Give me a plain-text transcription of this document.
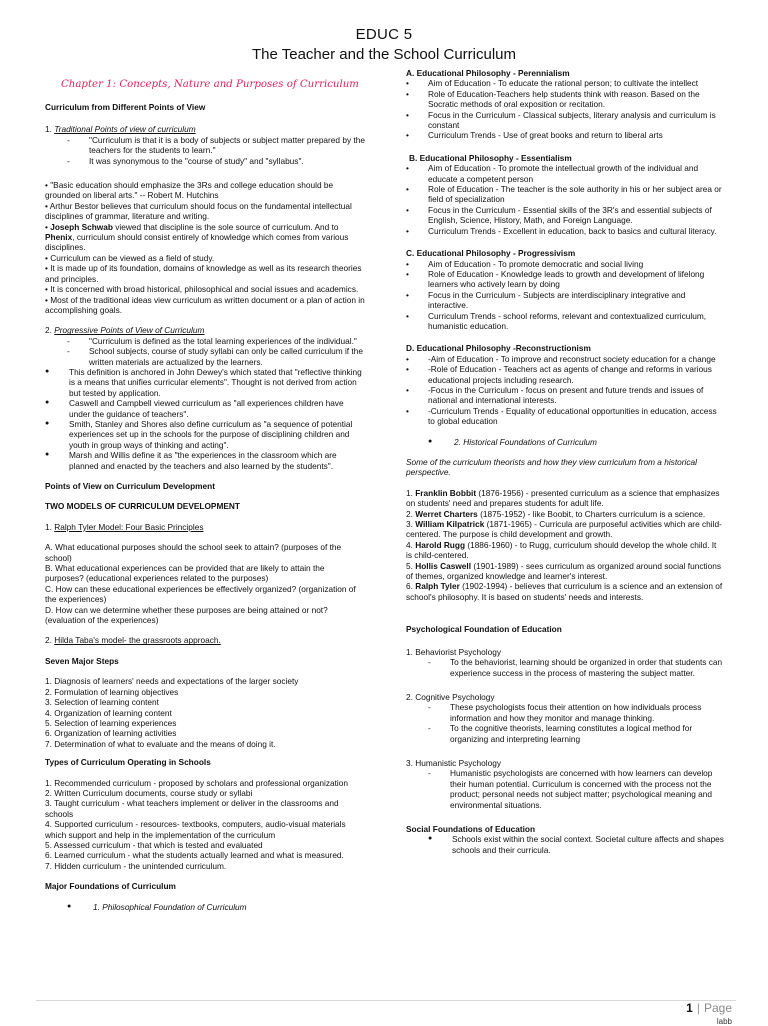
EDUC 5
The Teacher and the School Curriculum
Chapter 1: Concepts, Nature and Purposes of Curriculum

Curriculum from Different Points of View

1. Traditional Points of view of curriculum

- "Curriculum is that it is a body of subjects or subject matter prepared by the teachers for the students to learn."
- It was synonymous to the "course of study" and "syllabus".

• "Basic education should emphasize the 3Rs and college education should be grounded on liberal arts." -- Robert M. Hutchins

• Arthur Bestor believes that curriculum should focus on the fundamental intellectual disciplines of grammar, literature and writing.

• Joseph Schwab viewed that discipline is the sole source of curriculum. And to Phenix, curriculum should consist entirely of knowledge which comes from various disciplines.

• Curriculum can be viewed as a field of study.

• It is made up of its foundation, domains of knowledge as well as its research theories and principles.

• It is concerned with broad historical, philosophical and social issues and academics.

• Most of the traditional ideas view curriculum as written document or a plan of action in accomplishing goals.

2. Progressive Points of View of Curriculum

- "Curriculum is defined as the total learning experiences of the individual."
- School subjects, course of study syllabi can only be called curriculum if the written materials are actualized by the learners.
● This definition is anchored in John Dewey's which stated that "reflective thinking is a means that unifies curricular elements". Thought is not derived from action but tested by application.
● Caswell and Campbell viewed curriculum as "all experiences children have under the guidance of teachers".
● Smith, Stanley and Shores also define curriculum as "a sequence of potential experiences set up in the schools for the purpose of disciplining children and youth in group ways of thinking and acting".
● Marsh and Willis define it as "the experiences in the classroom which are planned and enacted by the teachers and also learned by the students".

Points of View on Curriculum Development

TWO MODELS OF CURRICULUM DEVELOPMENT

1. Ralph Tyler Model: Four Basic Principles

A. What educational purposes should the school seek to attain? (purposes of the school)

B. What educational experiences can be provided that are likely to attain the purposes? (educational experiences related to the purposes)

C. How can these educational experiences be effectively organized? (organization of the experiences)

D. How can we determine whether these purposes are being attained or not? (evaluation of the experiences)

2. Hilda Taba's model- the grassroots approach.

Seven Major Steps

1. Diagnosis of learners' needs and expectations of the larger society

2. Formulation of learning objectives

3. Selection of learning content

4. Organization of learning content

5. Selection of learning experiences

6. Organization of learning activities

7. Determination of what to evaluate and the means of doing it.

Types of Curriculum Operating in Schools

1. Recommended curriculum - proposed by scholars and professional organization

2. Written Curriculum documents, course study or syllabi

3. Taught curriculum - what teachers implement or deliver in the classrooms and schools

4. Supported curriculum - resources- textbooks, computers, audio-visual materials which support and help in the implementation of the curriculum

5. Assessed curriculum - that which is tested and evaluated

6. Learned curriculum - what the students actually learned and what is measured.

7. Hidden curriculum - the unintended curriculum.

Major Foundations of Curriculum

●	1. Philosophical Foundation of Curriculum

A. Educational Philosophy - Perennialism

• Aim of Education - To educate the rational person; to cultivate the intellect
• Role of Education-Teachers help students think with reason. Based on the Socratic methods of oral exposition or recitation.
• Focus in the Curriculum - Classical subjects, literary analysis and curriculum is constant
• Curriculum Trends - Use of great books and return to liberal arts

B. Educational Philosophy - Essentialism

• Aim of Education - To promote the intellectual growth of the individual and educate a competent person
• Role of Education - The teacher is the sole authority in his or her subject area or field of specialization
• Focus in the Curriculum - Essential skills of the 3R's and essential subjects of English, Science, History, Math, and Foreign Language.
• Curriculum Trends - Excellent in education, back to basics and cultural literacy.

C. Educational Philosophy - Progressivism

• Aim of Education - To promote democratic and social living
• Role of Education - Knowledge leads to growth and development of lifelong learners who actively learn by doing
• Focus in the Curriculum - Subjects are interdisciplinary integrative and interactive.
• Curriculum Trends - school reforms, relevant and contextualized curriculum, humanistic education.

D. Educational Philosophy -Reconstructionism

• -Aim of Education - To improve and reconstruct society education for a change
• -Role of Education - Teachers act as agents of change and reforms in various educational projects including research.
• -Focus in the Curriculum - focus on present and future trends and issues of national and international interests.
• -Curriculum Trends - Equality of educational opportunities in education, access to global education
●	2. Historical Foundations of Curriculum

Some of the curriculum theorists and how they view curriculum from a historical perspective.

1. Franklin Bobbit (1876-1956) - presented curriculum as a science that emphasizes on students' need and prepares students for adult life.

2. Werret Charters (1875-1952) - like Boobit, to Charters curriculum is a science.

3. William Kilpatrick (1871-1965) - Curricula are purposeful activities which are child-centered. The purpose is child development and growth.

4. Harold Rugg (1886-1960) - to Rugg, curriculum should develop the whole child. It is child-centered.

5. Hollis Caswell (1901-1989) - sees curriculum as organized around social functions of themes, organized knowledge and learner's interest.

6. Ralph Tyler (1902-1994) - believes that curriculum is a science and an extension of school's philosophy. It is based on students' needs and interests.

Psychological Foundation of Education

1. Behaviorist Psychology

- To the behaviorist, learning should be organized in order that students can experience success in the process of mastering the subject matter.

2. Cognitive Psychology

- These psychologists focus their attention on how individuals process information and how they monitor and manage thinking.
- To the cognitive theorists, learning constitutes a logical method for organizing and interpreting learning

3. Humanistic Psychology

- Humanistic psychologists are concerned with how learners can develop their human potential. Curriculum is concerned with the process not the product; personal needs not subject matter; psychological meaning and environmental situations.

Social Foundations of Education

● Schools exist within the social context. Societal culture affects and shapes schools and their curricula.
1 | Page
labb
